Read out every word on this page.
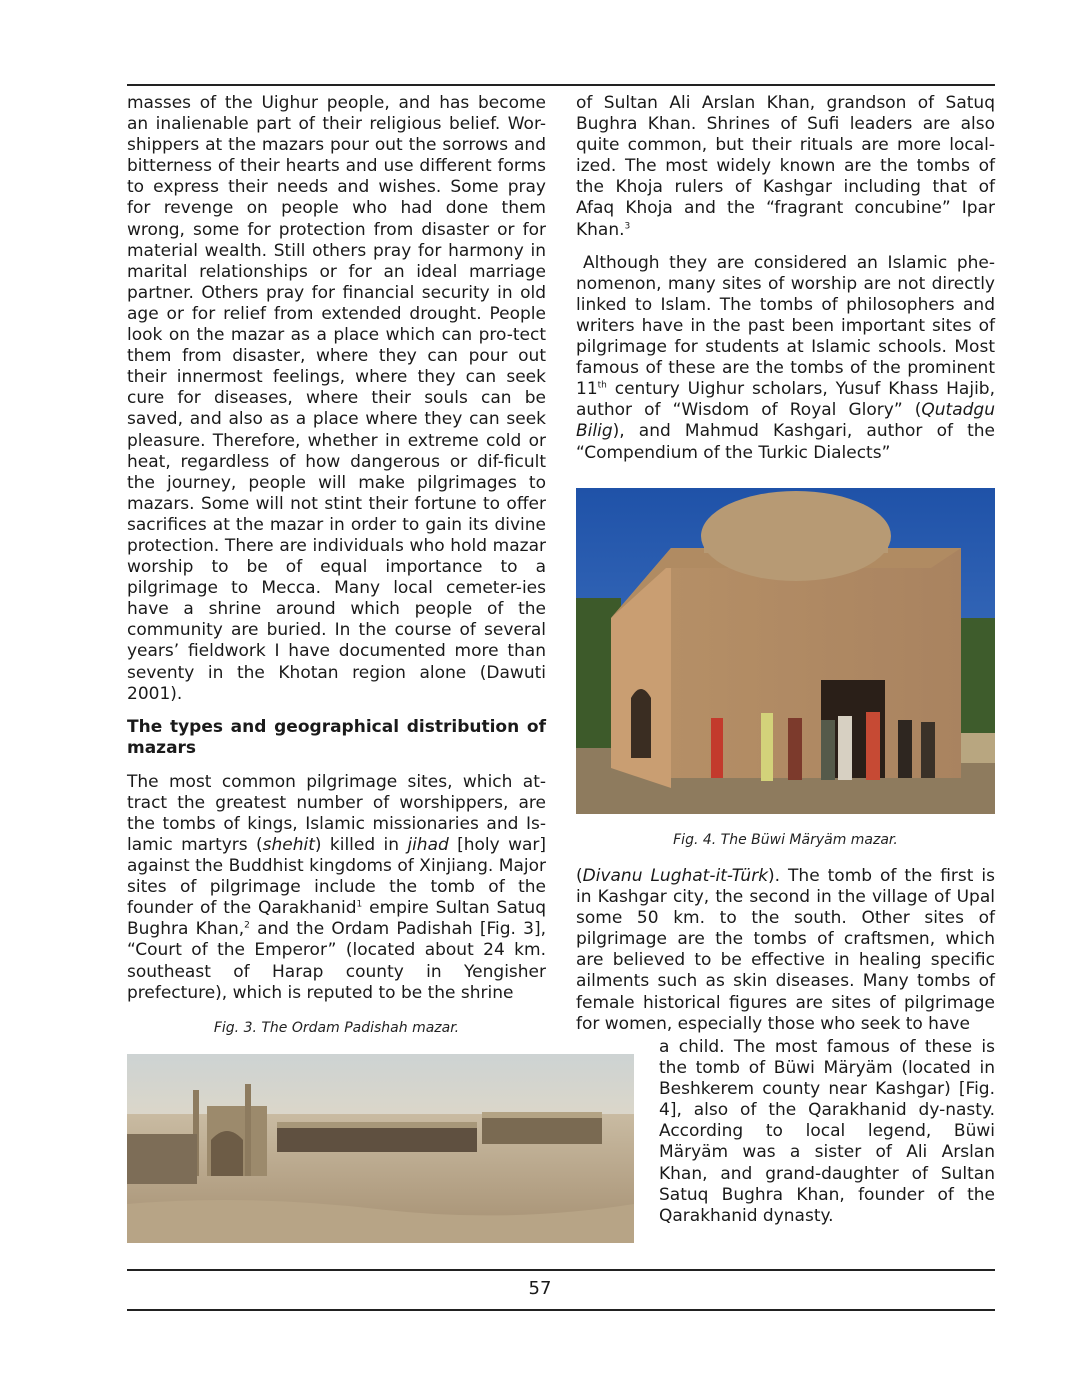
masses of the Uighur people, and has become an inalienable part of their religious belief. Wor-shippers at the mazars pour out the sorrows and bitterness of their hearts and use different forms to express their needs and wishes. Some pray for revenge on people who had done them wrong, some for protection from disaster or for material wealth. Still others pray for harmony in marital relationships or for an ideal marriage partner. Others pray for financial security in old age or for relief from extended drought. People look on the mazar as a place which can pro-tect them from disaster, where they can pour out their innermost feelings, where they can seek cure for diseases, where their souls can be saved, and also as a place where they can seek pleasure. Therefore, whether in extreme cold or heat, regardless of how dangerous or dif-ficult the journey, people will make pilgrimages to mazars. Some will not stint their fortune to offer sacrifices at the mazar in order to gain its divine protection. There are individuals who hold mazar worship to be of equal importance to a pilgrimage to Mecca. Many local cemeter-ies have a shrine around which people of the community are buried. In the course of several years’ fieldwork I have documented more than seventy in the Khotan region alone (Dawuti 2001).

The types and geographical distribution of mazars

The most common pilgrimage sites, which at-tract the greatest number of worshippers, are the tombs of kings, Islamic missionaries and Is-lamic martyrs (shehit) killed in jihad [holy war] against the Buddhist kingdoms of Xinjiang. Major sites of pilgrimage include the tomb of the founder of the Qarakhanid$^1$ empire Sultan Satuq Bughra Khan,$^2$ and the Ordam Padishah [Fig. 3], “Court of the Emperor” (located about 24 km. southeast of Harap county in Yengisher prefecture), which is reputed to be the shrine

Fig. 3. The Ordam Padishah mazar.

of Sultan Ali Arslan Khan, grandson of Satuq Bughra Khan. Shrines of Sufi leaders are also quite common, but their rituals are more local-ized. The most widely known are the tombs of the Khoja rulers of Kashgar including that of Afaq Khoja and the “fragrant concubine” Ipar Khan.$^3$

Although they are considered an Islamic phe-nomenon, many sites of worship are not directly linked to Islam. The tombs of philosophers and writers have in the past been important sites of pilgrimage for students at Islamic schools. Most famous of these are the tombs of the prominent 11th century Uighur scholars, Yusuf Khass Hajib, author of “Wisdom of Royal Glory” (Qutadgu Bilig), and Mahmud Kashgari, author of the “Compendium of the Turkic Dialects”

Fig. 4. The Büwi Märyäm mazar.

(Divanu Lughat-it-Türk). The tomb of the first is in Kashgar city, the second in the village of Upal some 50 km. to the south. Other sites of pilgrimage are the tombs of craftsmen, which are believed to be effective in healing specific ailments such as skin diseases. Many tombs of female historical figures are sites of pilgrimage for women, especially those who seek to have

a child. The most famous of these is the tomb of Büwi Märyäm (located in Beshkerem county near Kashgar) [Fig. 4], also of the Qarakhanid dy-nasty. According to local legend, Büwi Märyäm was a sister of Ali Arslan Khan, and grand-daughter of Sultan Satuq Bughra Khan, founder of the Qarakhanid dynasty.

57
